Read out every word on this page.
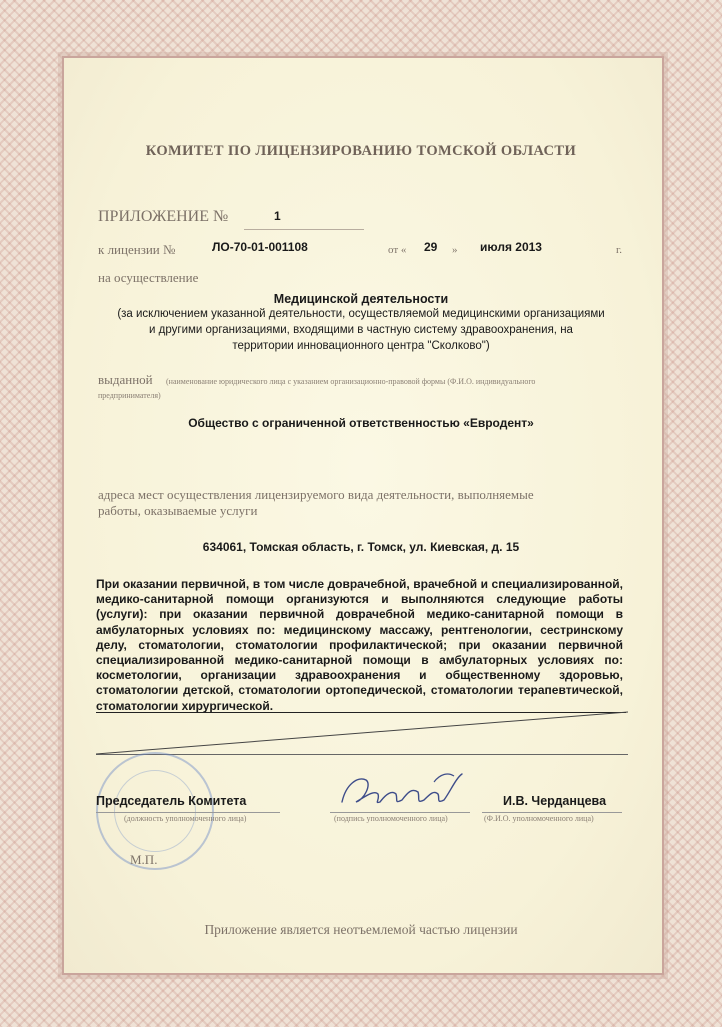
КОМИТЕТ ПО ЛИЦЕНЗИРОВАНИЮ ТОМСКОЙ ОБЛАСТИ
ПРИЛОЖЕНИЕ №	1
к лицензии №	ЛО-70-01-001108	от « 29 » июля 2013	г.
на осуществление
Медицинской деятельности
(за исключением указанной деятельности, осуществляемой медицинскими организациями
и другими организациями, входящими в частную систему здравоохранения, на
территории инновационного центра "Сколково")
выданной (наименование юридического лица с указанием организационно-правовой формы (Ф.И.О. индивидуального
предпринимателя)
Общество с ограниченной ответственностью «Евродент»
адреса мест осуществления лицензируемого вида деятельности, выполняемые
работы, оказываемые услуги
634061, Томская область, г. Томск, ул. Киевская, д. 15
При оказании первичной, в том числе доврачебной, врачебной и специализированной, медико-санитарной помощи организуются и выполняются следующие работы (услуги): при оказании первичной доврачебной медико-санитарной помощи в амбулаторных условиях по: медицинскому массажу, рентгенологии, сестринскому делу, стоматологии, стоматологии профилактической; при оказании первичной специализированной медико-санитарной помощи в амбулаторных условиях по: косметологии, организации здравоохранения и общественному здоровью, стоматологии детской, стоматологии ортопедической, стоматологии терапевтической, стоматологии хирургической.
Председатель Комитета
(должность уполномоченного лица)	(подпись уполномоченного лица)
И.В. Черданцева
(Ф.И.О. уполномоченного лица)
М.П.
Приложение является неотъемлемой частью лицензии
